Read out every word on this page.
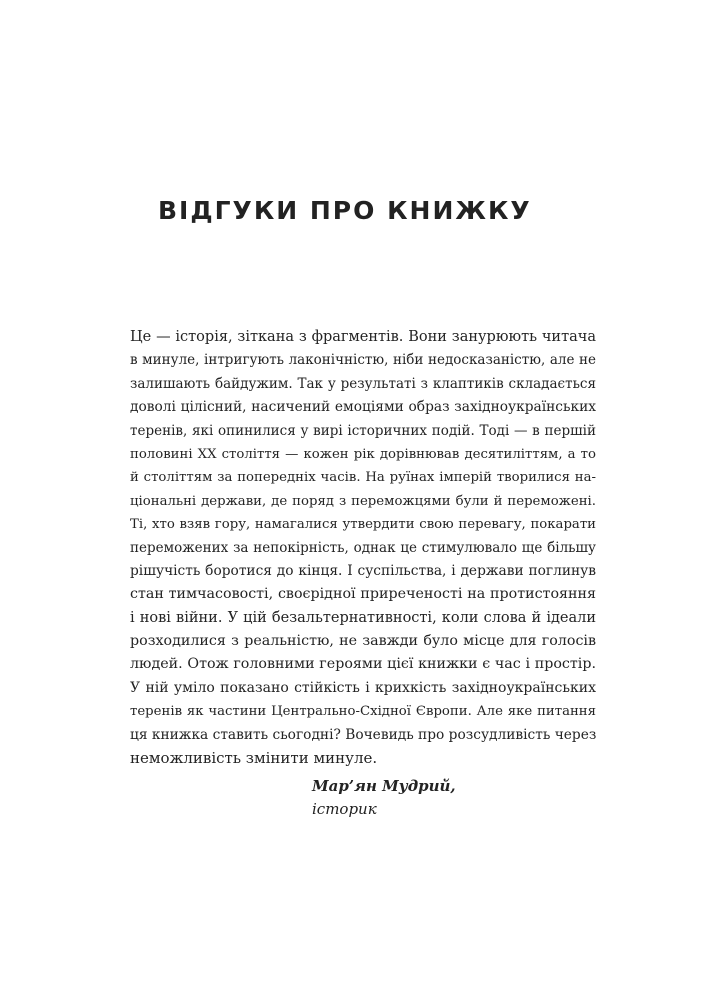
ВІДГУКИ ПРО КНИЖКУ
Це — історія, зіткана з фрагментів. Вони занурюють читача
в минуле, інтригують лаконічністю, ніби недосказаністю, але не
залишають байдужим. Так у результаті з клаптиків складається
доволі цілісний, насичений емоціями образ західноукраїнських
теренів, які опинилися у вирі історичних подій. Тоді — в першій
половині XX століття — кожен рік дорівнював десятиліттям, а то
й століттям за попередніх часів. На руїнах імперій творилися на-
ціональні держави, де поряд з переможцями були й переможені.
Ті, хто взяв гору, намагалися утвердити свою перевагу, покарати
переможених за непокірність, однак це стимулювало ще більшу
рішучість боротися до кінця. І суспільства, і держави поглинув
стан тимчасовості, своєрідної приреченості на протистояння
і нові війни. У цій безальтернативності, коли слова й ідеали
розходилися з реальністю, не завжди було місце для голосів
людей. Отож головними героями цієї книжки є час і простір.
У ній уміло показано стійкість і крихкість західноукраїнських
теренів як частини Центрально-Східної Європи. Але яке питання
ця книжка ставить сьогодні? Вочевидь про розсудливість через
неможливість змінити минуле.
Мар’ян Мудрий,
історик
